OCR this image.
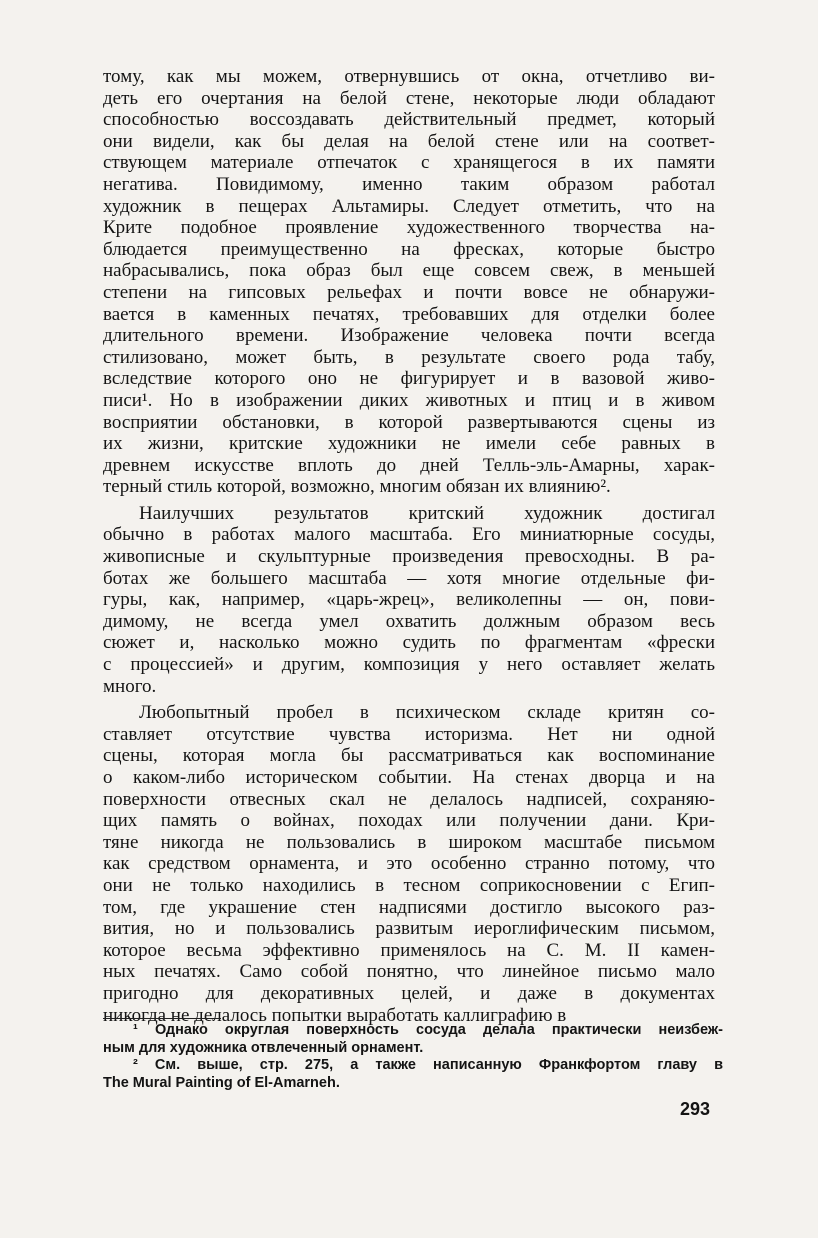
тому, как мы можем, отвернувшись от окна, отчетливо ви-
деть его очертания на белой стене, некоторые люди обладают
способностью воссоздавать действительный предмет, который
они видели, как бы делая на белой стене или на соответ-
ствующем материале отпечаток с хранящегося в их памяти
негатива. Повидимому, именно таким образом работал
художник в пещерах Альтамиры. Следует отметить, что на
Крите подобное проявление художественного творчества на-
блюдается преимущественно на фресках, которые быстро
набрасывались, пока образ был еще совсем свеж, в меньшей
степени на гипсовых рельефах и почти вовсе не обнаружи-
вается в каменных печатях, требовавших для отделки более
длительного времени. Изображение человека почти всегда
стилизовано, может быть, в результате своего рода табу,
вследствие которого оно не фигурирует и в вазовой живо-
писи¹. Но в изображении диких животных и птиц и в живом
восприятии обстановки, в которой развертываются сцены из
их жизни, критские художники не имели себе равных в
древнем искусстве вплоть до дней Телль-эль-Амарны, харак-
терный стиль которой, возможно, многим обязан их влиянию².
Наилучших результатов критский художник достигал
обычно в работах малого масштаба. Его миниатюрные сосуды,
живописные и скульптурные произведения превосходны. В ра-
ботах же большего масштаба — хотя многие отдельные фи-
гуры, как, например, «царь-жрец», великолепны — он, пови-
димому, не всегда умел охватить должным образом весь
сюжет и, насколько можно судить по фрагментам «фрески
с процессией» и другим, композиция у него оставляет желать
много.
Любопытный пробел в психическом складе критян со-
ставляет отсутствие чувства историзма. Нет ни одной
сцены, которая могла бы рассматриваться как воспоминание
о каком-либо историческом событии. На стенах дворца и на
поверхности отвесных скал не делалось надписей, сохраняю-
щих память о войнах, походах или получении дани. Кри-
тяне никогда не пользовались в широком масштабе письмом
как средством орнамента, и это особенно странно потому, что
они не только находились в тесном соприкосновении с Егип-
том, где украшение стен надписями достигло высокого раз-
вития, но и пользовались развитым иероглифическим письмом,
которое весьма эффективно применялось на С. М. II камен-
ных печатях. Само собой понятно, что линейное письмо мало
пригодно для декоративных целей, и даже в документах
никогда не делалось попытки выработать каллиграфию в
¹ Однако округлая поверхность сосуда делала практически неизбеж-
ным для художника отвлеченный орнамент.
² См. выше, стр. 275, а также написанную Франкфортом главу в
The Mural Painting of El-Amarneh.
293
